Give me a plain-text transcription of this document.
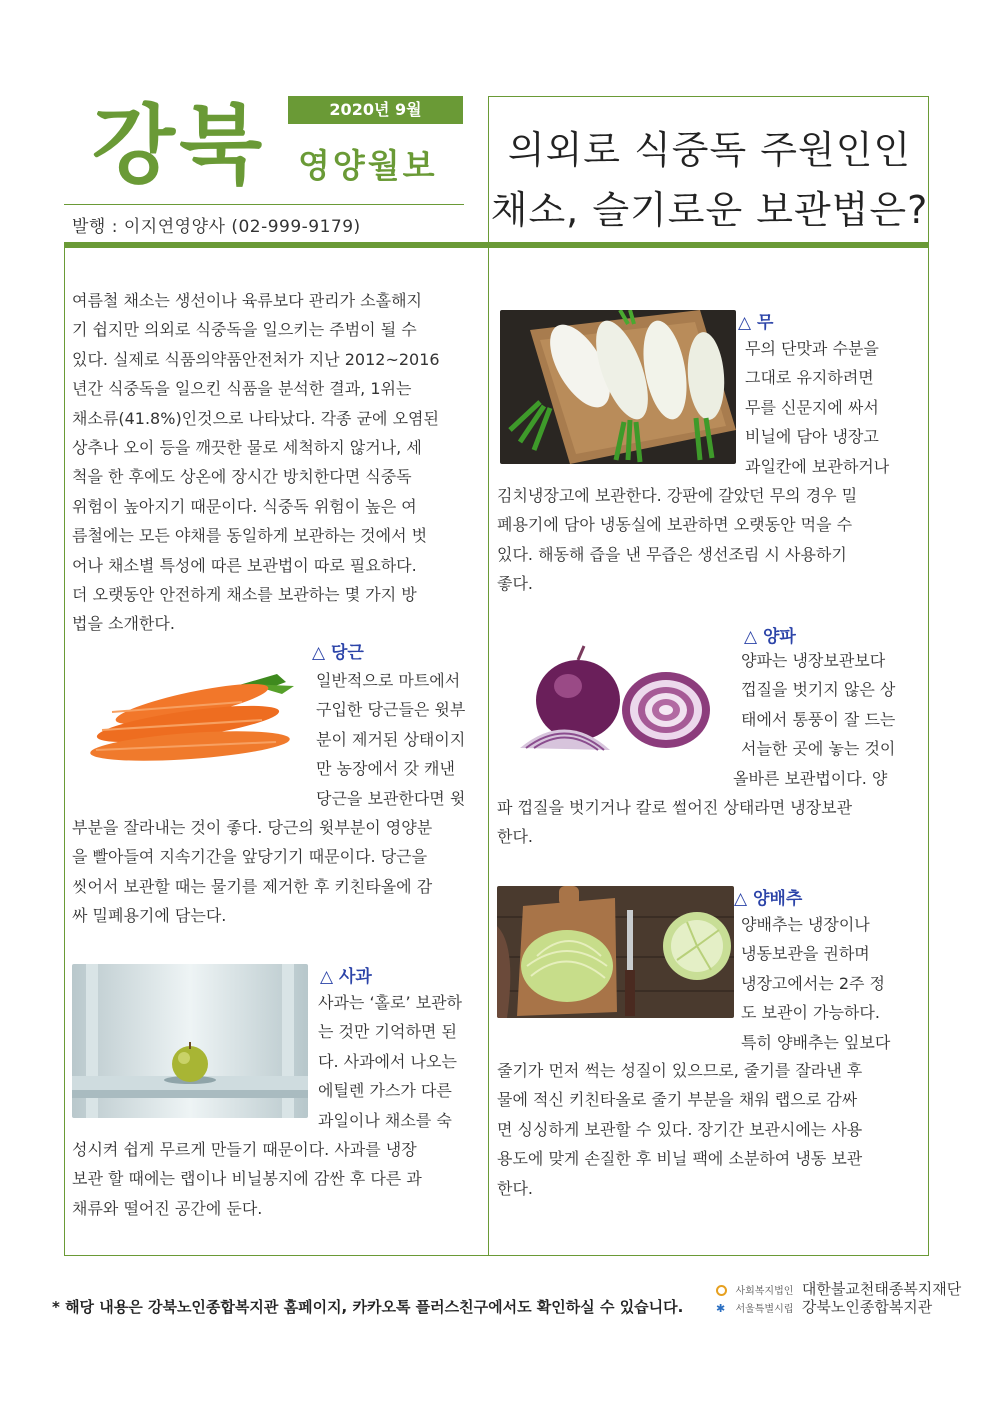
강북	2020년 9월
영양월보
발행 : 이지연영양사 (02-999-9179)
의외로 식중독 주원인인
채소, 슬기로운 보관법은?
여름철 채소는 생선이나 육류보다 관리가 소홀해지
기 쉽지만 의외로 식중독을 일으키는 주범이 될 수
있다. 실제로 식품의약품안전처가 지난 2012~2016
년간 식중독을 일으킨 식품을 분석한 결과, 1위는
채소류(41.8%)인것으로 나타났다. 각종 균에 오염된
상추나 오이 등을 깨끗한 물로 세척하지 않거나, 세
척을 한 후에도 상온에 장시간 방치한다면 식중독
위험이 높아지기 때문이다. 식중독 위험이 높은 여
름철에는 모든 야채를 동일하게 보관하는 것에서 벗
어나 채소별 특성에 따른 보관법이 따로 필요하다.
더 오랫동안 안전하게 채소를 보관하는 몇 가지 방
법을 소개한다.
△ 당근
일반적으로 마트에서
구입한 당근들은 윗부
분이 제거된 상태이지
만 농장에서 갓 캐낸
당근을 보관한다면 윗
부분을 잘라내는 것이 좋다. 당근의 윗부분이 영양분
을 빨아들여 지속기간을 앞당기기 때문이다. 당근을
씻어서 보관할 때는 물기를 제거한 후 키친타올에 감
싸 밀폐용기에 담는다.
△ 사과
사과는 ‘홀로’ 보관하
는 것만 기억하면 된
다. 사과에서 나오는
에틸렌 가스가 다른
과일이나 채소를 숙
성시켜 쉽게 무르게 만들기 때문이다. 사과를 냉장
보관 할 때에는 랩이나 비닐봉지에 감싼 후 다른 과
채류와 떨어진 공간에 둔다.
△ 무
무의 단맛과 수분을
그대로 유지하려면
무를 신문지에 싸서
비닐에 담아 냉장고
과일칸에 보관하거나
김치냉장고에 보관한다. 강판에 갈았던 무의 경우 밀
폐용기에 담아 냉동실에 보관하면 오랫동안 먹을 수
있다. 해동해 즙을 낸 무즙은 생선조림 시 사용하기
좋다.
△ 양파
양파는 냉장보관보다
껍질을 벗기지 않은 상
태에서 통풍이 잘 드는
서늘한 곳에 놓는 것이
올바른 보관법이다. 양
파 껍질을 벗기거나 칼로 썰어진 상태라면 냉장보관
한다.
△ 양배추
양배추는 냉장이나
냉동보관을 권하며
냉장고에서는 2주 정
도 보관이 가능하다.
특히 양배추는 잎보다
줄기가 먼저 썩는 성질이 있으므로, 줄기를 잘라낸 후
물에 적신 키친타올로 줄기 부분을 채워 랩으로 감싸
면 싱싱하게 보관할 수 있다. 장기간 보관시에는 사용
용도에 맞게 손질한 후 비닐 팩에 소분하여 냉동 보관
한다.
* 해당 내용은 강북노인종합복지관 홈페이지, 카카오톡 플러스친구에서도 확인하실 수 있습니다.
사회복지법인 대한불교천태종복지재단
✱ 서울특별시립 강북노인종합복지관
